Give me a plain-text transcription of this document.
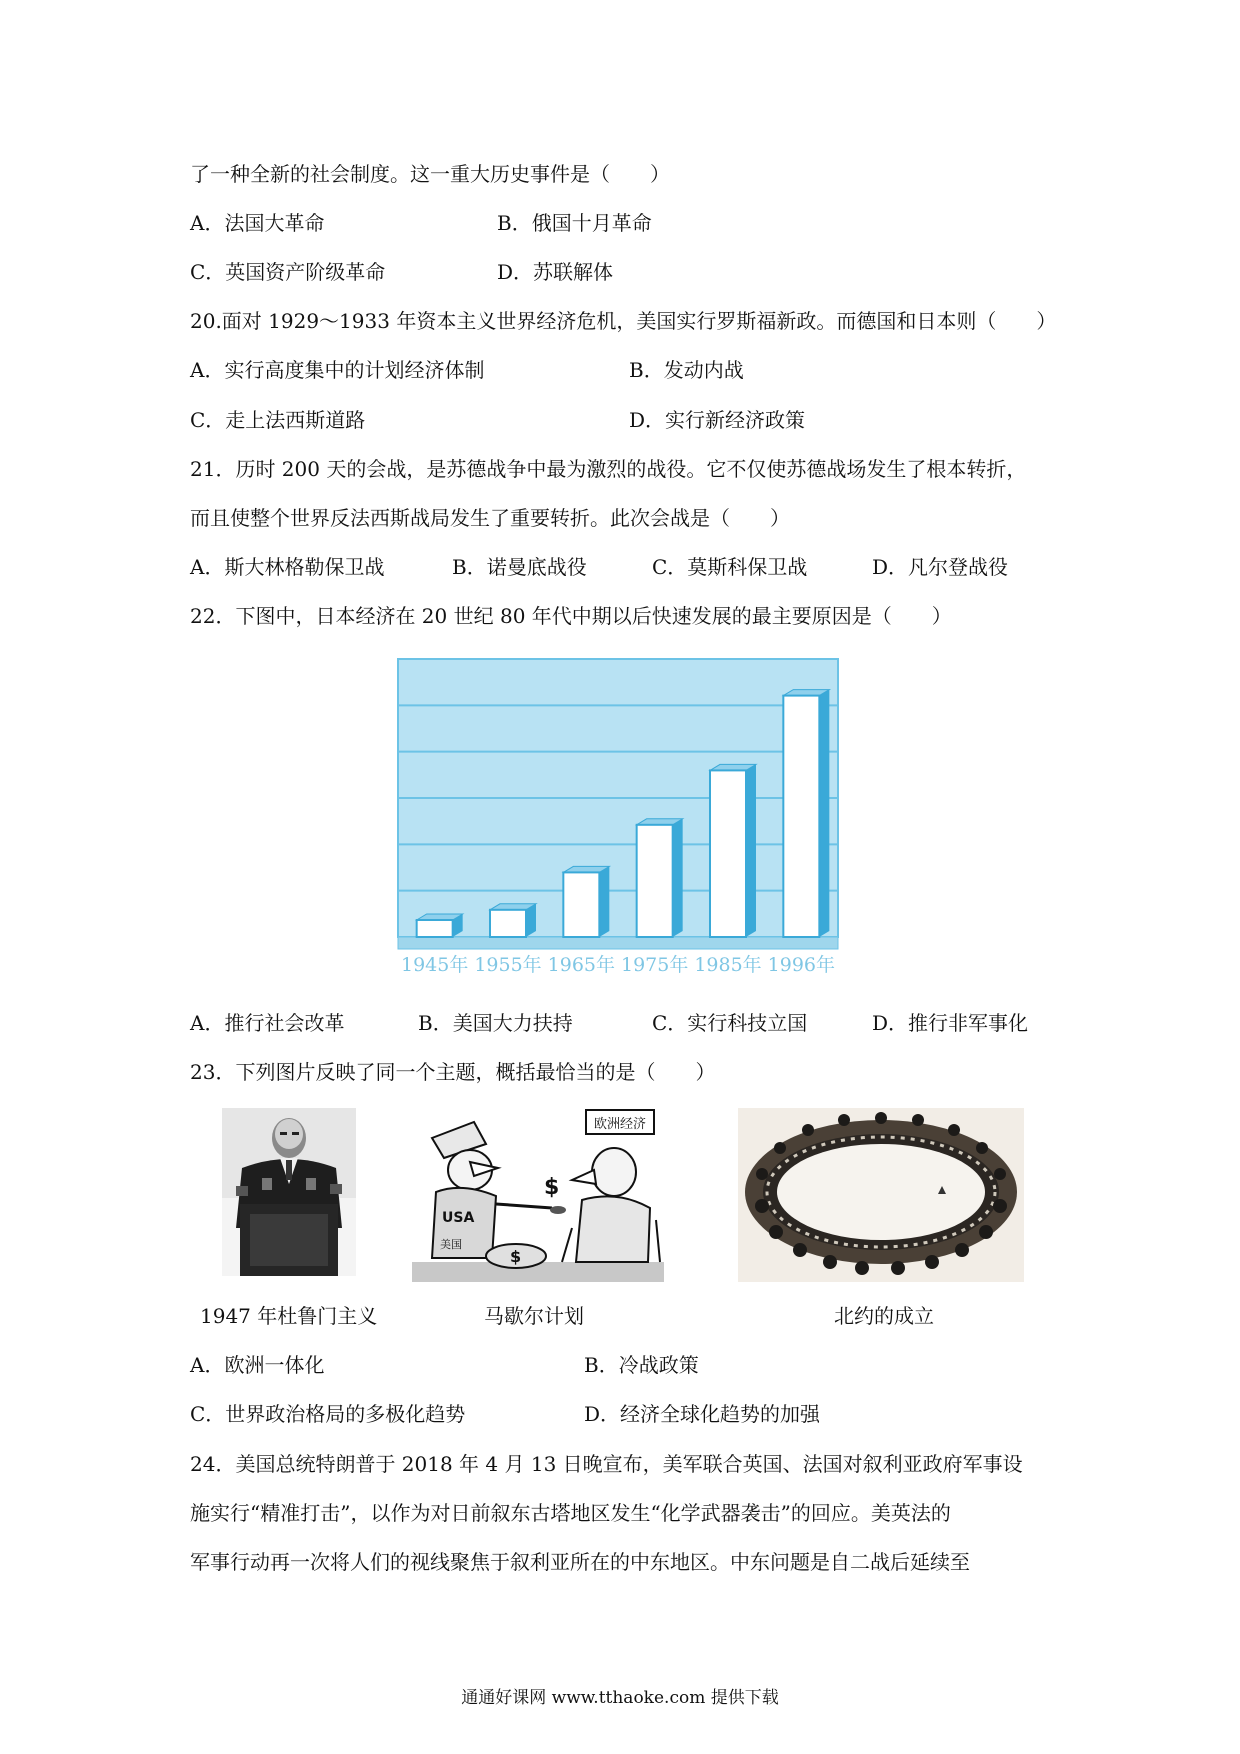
了一种全新的社会制度。这一重大历史事件是（　　）
A．法国大革命	B．俄国十月革命
C．英国资产阶级革命	D．苏联解体
20.面对 1929～1933 年资本主义世界经济危机，美国实行罗斯福新政。而德国和日本则（　　）
A．实行高度集中的计划经济体制	B．发动内战
C．走上法西斯道路	D．实行新经济政策
21．历时 200 天的会战，是苏德战争中最为激烈的战役。它不仅使苏德战场发生了根本转折，
而且使整个世界反法西斯战局发生了重要转折。此次会战是（　　）
A．斯大林格勒保卫战	B．诺曼底战役	C．莫斯科保卫战	D．凡尔登战役
22．下图中，日本经济在 20 世纪 80 年代中期以后快速发展的最主要原因是（　　）
1945年 1955年 1965年 1975年 1985年 1996年
A．推行社会改革	B．美国大力扶持	C．实行科技立国	D．推行非军事化
23．下列图片反映了同一个主题，概括最恰当的是（　　）
欧洲经济
USA
美国
$
$
1947 年杜鲁门主义	马歇尔计划	北约的成立
A．欧洲一体化	B．冷战政策
C．世界政治格局的多极化趋势	D．经济全球化趋势的加强
24．美国总统特朗普于 2018 年 4 月 13 日晚宣布，美军联合英国、法国对叙利亚政府军事设
施实行“精准打击”，以作为对日前叙东古塔地区发生“化学武器袭击”的回应。美英法的
军事行动再一次将人们的视线聚焦于叙利亚所在的中东地区。中东问题是自二战后延续至
通通好课网 www.tthaoke.com 提供下载
